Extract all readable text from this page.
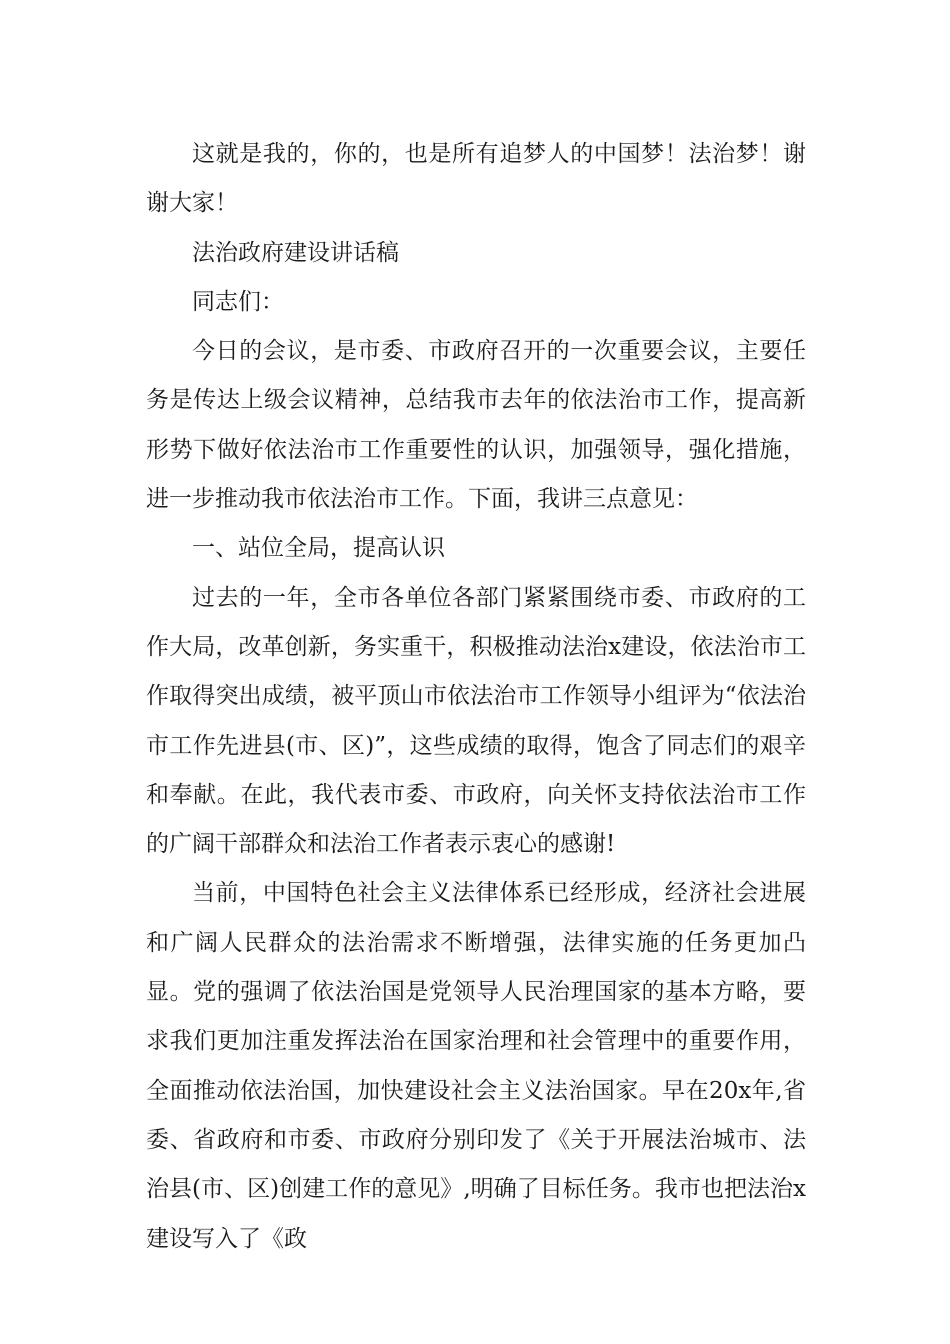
这就是我的，你的，也是所有追梦人的中国梦！法治梦！谢谢大家！

法治政府建设讲话稿

同志们：

今日的会议，是市委、市政府召开的一次重要会议，主要任务是传达上级会议精神，总结我市去年的依法治市工作，提高新形势下做好依法治市工作重要性的认识，加强领导，强化措施，进一步推动我市依法治市工作。下面，我讲三点意见：

一、站位全局，提高认识

过去的一年，全市各单位各部门紧紧围绕市委、市政府的工作大局，改革创新，务实重干，积极推动法治x建设，依法治市工作取得突出成绩，被平顶山市依法治市工作领导小组评为“依法治市工作先进县(市、区)”，这些成绩的取得，饱含了同志们的艰辛和奉献。在此，我代表市委、市政府，向关怀支持依法治市工作的广阔干部群众和法治工作者表示衷心的感谢!

当前，中国特色社会主义法律体系已经形成，经济社会进展和广阔人民群众的法治需求不断增强，法律实施的任务更加凸显。党的强调了依法治国是党领导人民治理国家的基本方略，要求我们更加注重发挥法治在国家治理和社会管理中的重要作用，全面推动依法治国，加快建设社会主义法治国家。早在20x年,省委、省政府和市委、市政府分别印发了《关于开展法治城市、法治县(市、区)创建工作的意见》,明确了目标任务。我市也把法治x建设写入了《政
